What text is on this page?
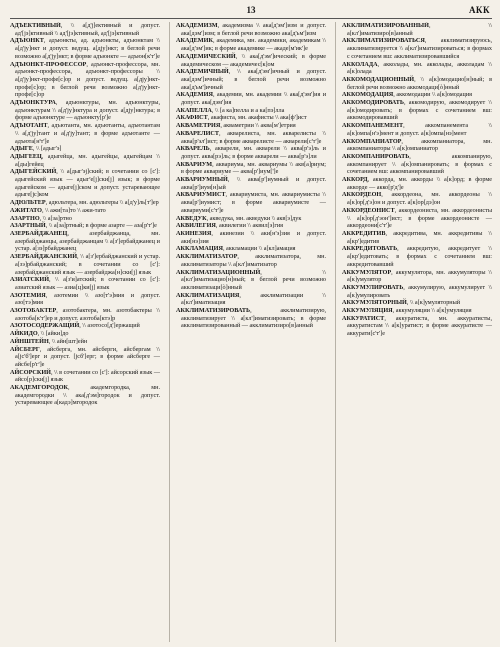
13	АКК

АДЪЕКТИВНЫЙ, \\ а[д'j]ективный и допуст. ад'[jэ]ктивный \\ ад'[jэ]ктивный, ад'[jэ]ктивный

АДЪЮНКТ, адъюнкты, ад. адъюнкты, адъюнктам \\ а[д'jу]нкт и допуст. ведущ. а[дjу]нкт; в беглой речи возможно а[д'jу]нкт; в форме адъюнкте — адъюн[к'т']е

АДЪЮНКТ-ПРОФЕССОР, адъюнкт-профессора, мн. адъюнкт-профессора, адъюнкт-профессоры \\ а[д'jу]нкт-профе[с]ор и допуст. ведущ. а[дjу]нкт-профе[с]ор; в беглой речи возможно а[д'jу]нкт-профе[с]ор

АДЪЮНКТУРА, адъюнктуры, мн. адъюнктуры, адъюнктурам \\ а[д'jу]нктура и допуст. а[дjу]нктура; в форме адъюнктуре — адъюнкту[р']е

АДЪЮТАНТ, адъютанта, мн. адъютанты, адъютантам \\ а[д'jу]тант и а[д'jу]тант; в форме адъютанте — адъюта[н'т']е

АДЫГЕ, \\ [адыг'э]

АДЫГЕЕЦ, адыгейца, мн. адыгейцы, адыгейцам \\ а[ды]гейец

АДЫГЕЙСКИЙ, \\ а[дыг'эj]ский; в сочетании со [с']: адыгейский язык — адыг'е[j]ски[j] язык; в форме адыгейском — адыге[j]ском и допуст. устаревающее адыге[jс]ком

АДЮЛЬТЕР, адюльтера, мн. адюльтеры \\ а[д'у]ль[т']ер

АЖИТАТО, \\ ажи[та]то \\ ажи-тато

АЗАРТНО, \\ а[за]ртно

АЗАРТНЫЙ, \\ а[за]ртный; в форме азарте — аза[р'т']е

АЗЕРБАЙДЖАНЕЦ, азербайджанца, мн. азербайджанцы, азербайджанцам \\ а[з']ербайджанец и устар. а[зэ]рбайджанец

АЗЕРБАЙДЖАНСКИЙ, \\ а[з']ербайджанский и устар. а[зэ]рбайджанский; в сочетании со [с']: азербайджанский язык — азербайджа[н]ски[j] язык

АЗИАТСКИЙ, \\ а[з'и]атский; в сочетании со [с']: азиатский язык — азиа[ц]ки[j] язык

АЗОТЕМИЯ, азотемии \\ азо[т'э]мия и допуст. азо[тэ]мия

АЗОТОБАКТЕР, азотобактера, мн. азотобактеры \\ азотоба[к'т']ер и допуст. азотоба[ктэ]р

АЗОТОСОДЕРЖАЩИЙ, \\ азотосо[д']ержащий

АЙКИДО, \\ [айки]до

АЙНШТЕЙН, \\ айн[шт]ейн

АЙСБЕРГ, айсберга, мн. айсберги, айсбергам \\ а[jс'б']ерг и допуст. [jсб']ерг; в форме айсберге — айсбе[р'г']е

АЙСОРСКИЙ, \\ в сочетании со [с']: айсорский язык — айсо[р]ски[j] язык

АКАДЕМГОРОДОК, академгородка, мн. академгородки \\ ака[д'эм]городок и допуст. устаревающее а[кадэ]мгородок

АКАДЕМИЗМ, академизма \\ ака[д'эм']изм и допуст. ака[дэм']изм; в беглой речи возможно ака[д'ьм']изм

АКАДЕМИК, академика, мн. академики, академикам \\ ака[д'эм']ик; в форме академике — акаде[м'ик']е

АКАДЕМИЧЕСКИЙ, \\ ака[д'эм']ический; в форме академическом — академичес[к]ом

АКАДЕМИЧНЫЙ, \\ ака[д'эм']ичный и допуст. ака[дэм']ичный; в беглой речи возможно ака[д'ьм']ичный

АКАДЕМИЯ, академии, мн. академии \\ ака[д'эм']ия и допуст. ака[дэм']ия

АКАПЕЛЛА, \\ [а ка]пелла и а ка[пэ]лла

АКАФИСТ, акафиста, мн. акафисты \\ ака[ф']ист

АКВАМЕТРИЯ, акваметрии \\ аква[м']етрия

АКВАРЕЛИСТ, акварелиста, мн. акварелисты \\ аква[р'эл']ист; в форме акварелисте — акварели[с'т']е

АКВАРЕЛЬ, акварели, мн. акварели \\ аква[р'э]ль и допуст. аква[рэ]ль; в форме акварели — аква[р'э]ли

АКВАРИУМ, аквариума, мн. аквариумы \\ акв[а]риум; в форме аквариуме — аква[р']иум[']е

АКВАРИУМНЫЙ, \\ аква[р']иумный и допуст. аква[р']иум[н]ый

АКВАРИУМИСТ, аквариумиста, мн. аквариумисты \\ аква[р']иумист; в форме аквариумисте — аквариуми[с'т']е

АКВЕДУК, акведука, мн. акведуки \\ акв[э]дук

АКВИЛЕГИЯ, аквилегии \\ аквил[э]гия

АКИНЕЗИЯ, акинезии \\ аки[н'э]зия и допуст. аки[нэ]зия

АККЛАМАЦИЯ, аккламации \\ а[кл]амация

АККЛИМАТИЗАТОР, акклиматизатора, мн. акклиматизаторы \\ а[кл']иматизатор

АККЛИМАТИЗАЦИОННЫЙ, \\ а[кл']иматизацио[н]ный; в беглой речи возможно акклиматизаци[ò]нный

АККЛИМАТИЗАЦИЯ, акклиматизации \\ а[кл']иматизация

АККЛИМАТИЗИРОВАТЬ, акклиматизирую, акклиматизирует \\ а[кл']иматизировать; в форме акклиматизированный — акклиматизиро[в]анный

АККЛИМАТИЗИРОВАННЫЙ, \\ а[кл']иматизиро[в]анный

АККЛИМАТИЗИРОВАТЬСЯ, акклиматизируюсь, акклиматизируется \\ а[кл']иматизироваться; в формах с сочетанием вш: акклиматизировавшийся

АККОЛАДА, акколады, мн. акколады, акколадам \\ а[к]олада

АККОМОДАЦИОННЫЙ, \\ а[к]омодацио[н]ный; в беглой речи возможно аккомодаци[ò]нный

АККОМОДАЦИЯ, аккомодации \\ а[к]омодация

АККОМОДИРОВАТЬ, аккомодирую, аккомодирует \\ а[к]омодировать; в формах с сочетанием вш: аккомодировавший

АККОМПАНЕМЕНТ, аккомпанемента \\ а[к]омпа[н'э]мент и допуст. а[к]омпа[нэ]мент

АККОМПАНИАТОР, аккомпаниатора, мн. аккомпаниаторы \\ а[к]омпаниатор

АККОМПАНИРОВАТЬ, аккомпанирую, аккомпанирует \\ а[к]омпанировать; в формах с сочетанием вш: аккомпанировавший

АККОРД, аккорда, мн. аккорды \\ а[к]орд; в форме аккорде — акко[р'д']е

АККОРДЕОН, аккордеона, мн. аккордеоны \\ а[к]ор[д'э]он и допуст. а[к]ор[дэ]он

АККОРДЕОНИСТ, аккордеониста, мн. аккордеонисты \\ а[к]ор[д'эон']ист; в форме аккордеонисте — аккордеони[с'т']е

АККРЕДИТИВ, аккредитива, мн. аккредитивы \\ а[кр']едитив

АККРЕДИТОВАТЬ, аккредитую, аккредитует \\ а[кр']едитовать; в формах с сочетанием вш: аккредитовавший

АККУМУЛЯТОР, аккумулятора, мн. аккумуляторы \\ а[к]умулятор

АККУМУЛИРОВАТЬ, аккумулирую, аккумулирует \\ а[к]умулировать

АККУМУЛЯТОРНЫЙ, \\ а[к]умуляторный

АККУМУЛЯЦИЯ, аккумуляции \\ а[к]умуляция

АККУРАТИСТ, аккуратиста, мн. аккуратисты, аккуратистам \\ а[к]уратист; в форме аккуратисте — аккурати[с'т']е
